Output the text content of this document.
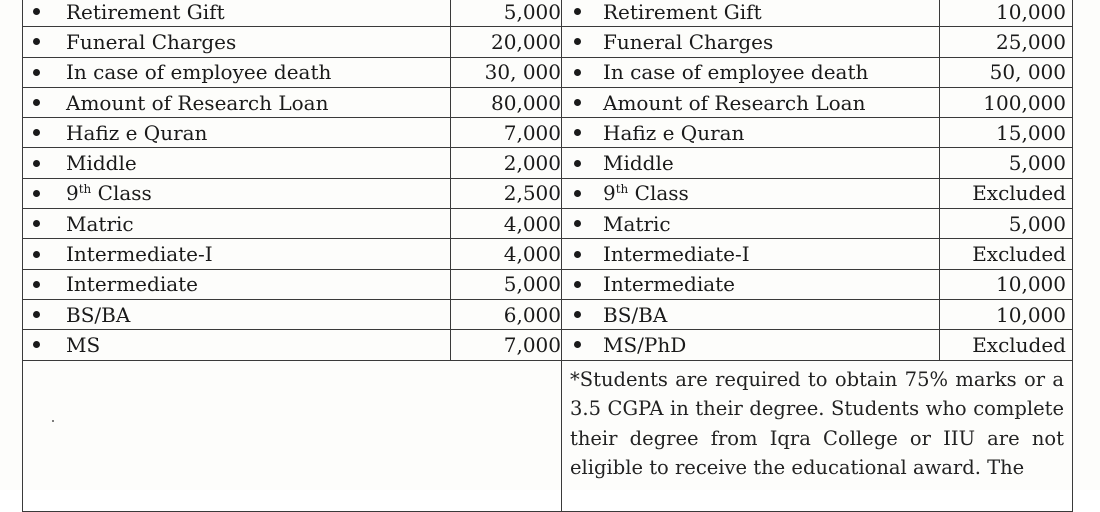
Retirement Gift	5,000	Retirement Gift	10,000

Funeral Charges	20,000	Funeral Charges	25,000

In case of employee death	30, 000	In case of employee death	50, 000

Amount of Research Loan	80,000	Amount of Research Loan	100,000

Hafiz e Quran	7,000	Hafiz e Quran	15,000

Middle	2,000	Middle	5,000

9th Class	2,500	9th Class	Excluded

Matric	4,000	Matric	5,000

Intermediate-I	4,000	Intermediate-I	Excluded

Intermediate	5,000	Intermediate	10,000

BS/BA	6,000	BS/BA	10,000

MS	7,000	MS/PhD	Excluded

		*Students are required to obtain 75% marks or a 3.5 CGPA in their degree. Students who complete their degree from Iqra College or IIU are not eligible to receive the educational award. The	
